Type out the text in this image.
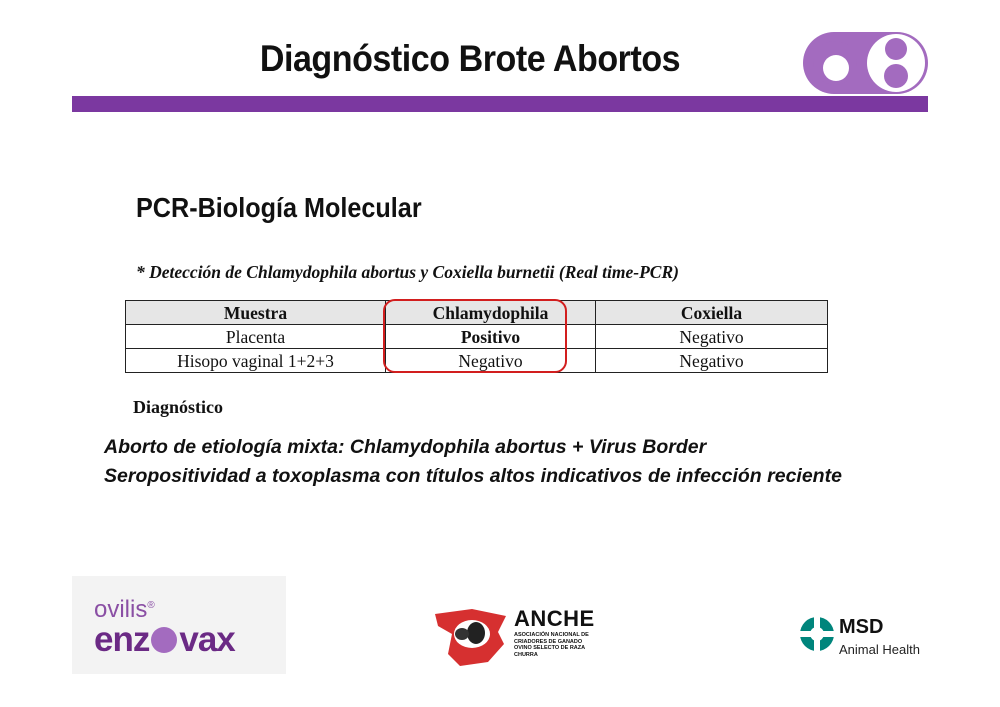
Diagnóstico Brote Abortos
PCR-Biología Molecular
* Detección de Chlamydophila abortus y Coxiella burnetii (Real time-PCR)
Muestra	Chlamydophila	Coxiella
Placenta	Positivo	Negativo
Hisopo vaginal 1+2+3	Negativo	Negativo
Diagnóstico
Aborto de etiología mixta: Chlamydophila abortus + Virus Border
Seropositividad a toxoplasma con títulos altos indicativos de infección reciente
ovilis®
enz vax
ANCHE
ASOCIACIÓN NACIONAL DE CRIADORES DE GANADO OVINO SELECTO DE RAZA CHURRA
MSD
Animal Health
